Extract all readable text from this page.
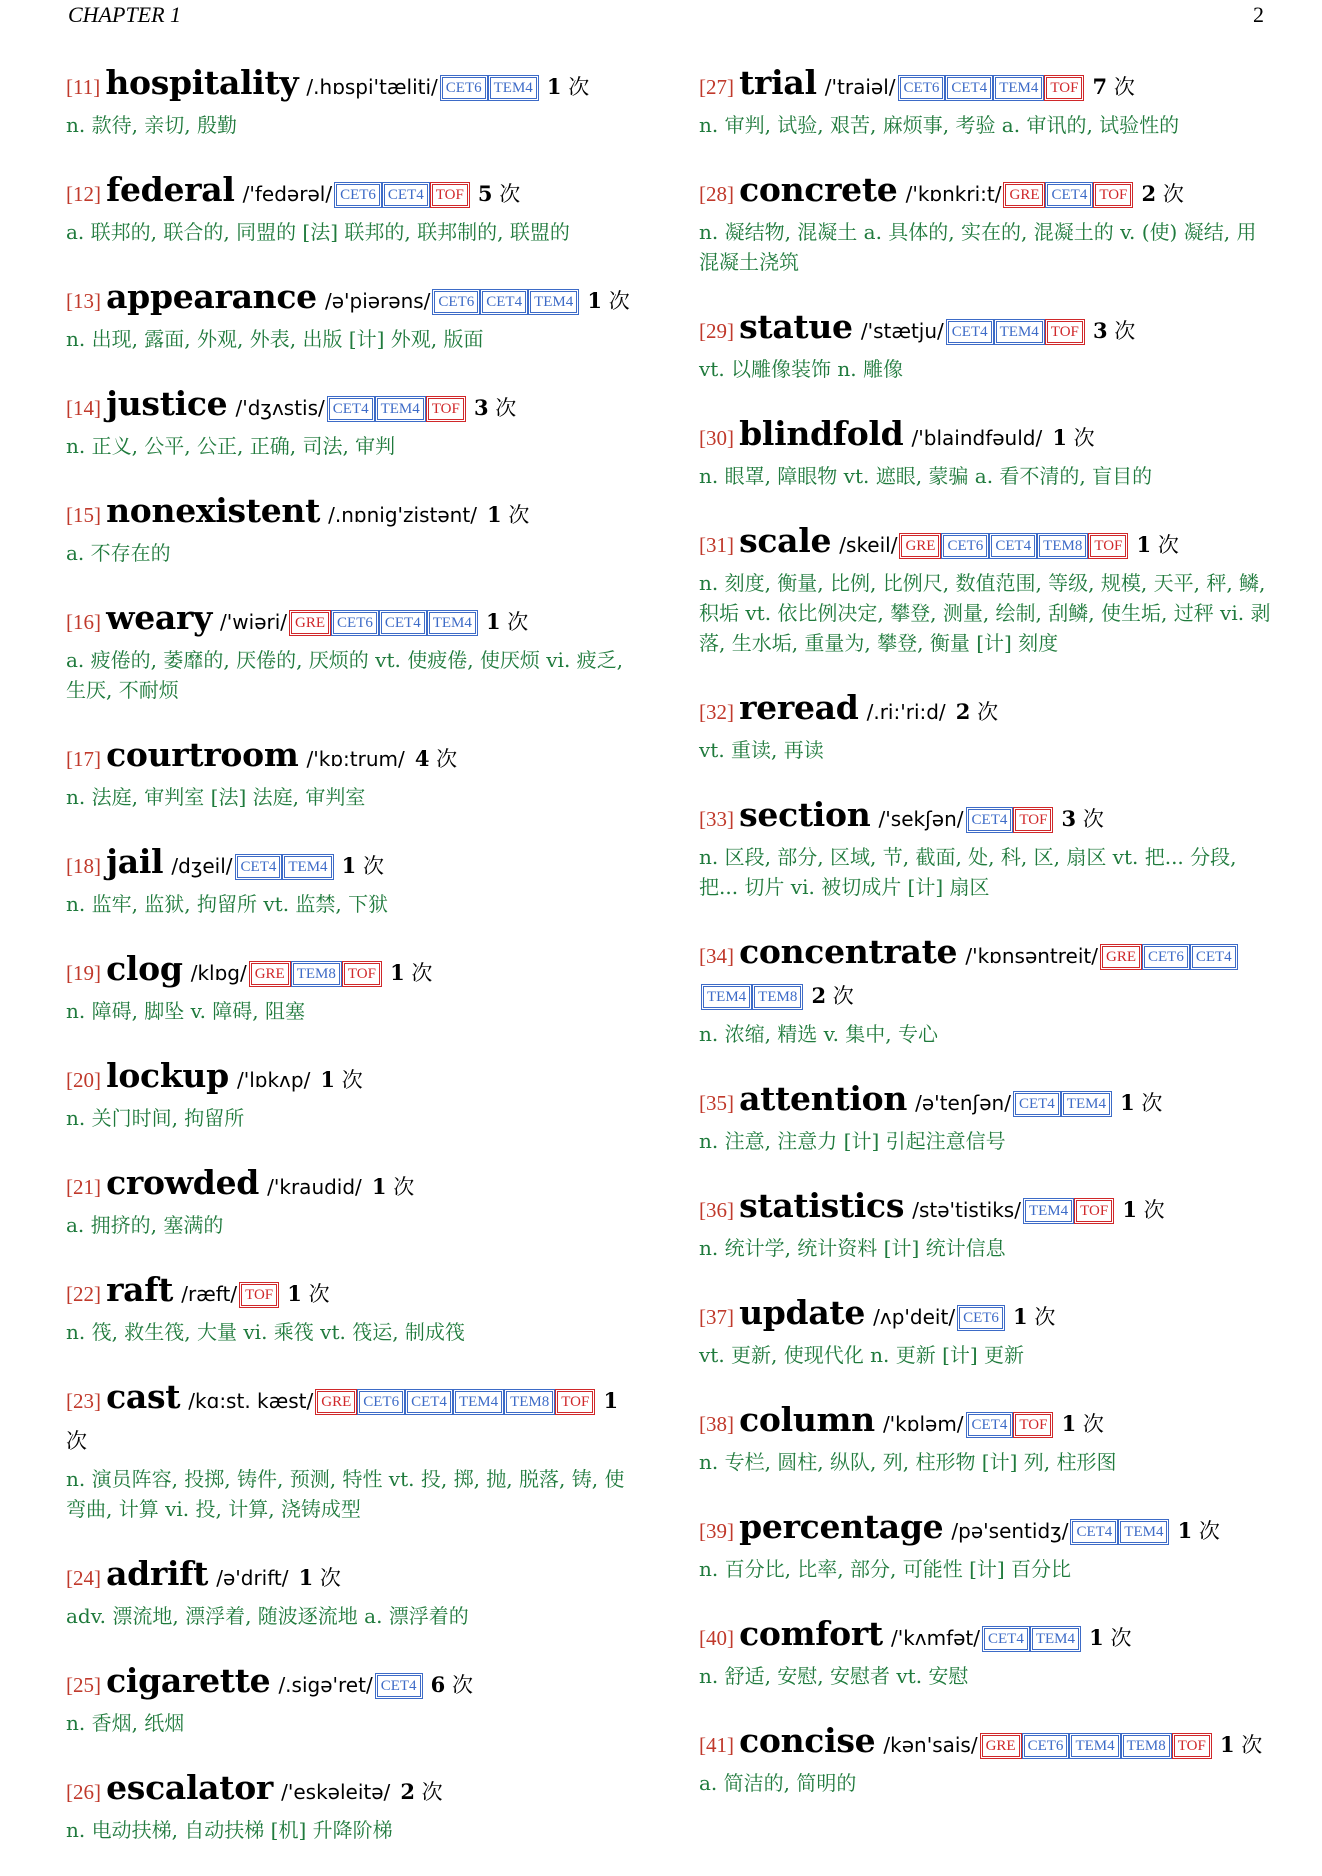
CHAPTER 1	2
[11] hospitality /.hɒspi'tæliti/ CET6 TEM4 1 次
n. 款待, 亲切, 殷勤
[12] federal /'fedərəl/ CET6 CET4 TOF 5 次
a. 联邦的, 联合的, 同盟的 [法] 联邦的, 联邦制的, 联盟的
[13] appearance /ə'piərəns/ CET6 CET4 TEM4 1 次
n. 出现, 露面, 外观, 外表, 出版 [计] 外观, 版面
[14] justice /'dʒʌstis/ CET4 TEM4 TOF 3 次
n. 正义, 公平, 公正, 正确, 司法, 审判
[15] nonexistent /.nɒnig'zistənt/ 1 次
a. 不存在的
[16] weary /'wiəri/ GRE CET6 CET4 TEM4 1 次
a. 疲倦的, 萎靡的, 厌倦的, 厌烦的 vt. 使疲倦, 使厌烦 vi. 疲乏, 生厌, 不耐烦
[17] courtroom /'kɒ:trum/ 4 次
n. 法庭, 审判室 [法] 法庭, 审判室
[18] jail /dʒeil/ CET4 TEM4 1 次
n. 监牢, 监狱, 拘留所 vt. 监禁, 下狱
[19] clog /klɒg/ GRE TEM8 TOF 1 次
n. 障碍, 脚坠 v. 障碍, 阻塞
[20] lockup /'lɒkʌp/ 1 次
n. 关门时间, 拘留所
[21] crowded /'kraudid/ 1 次
a. 拥挤的, 塞满的
[22] raft /ræft/ TOF 1 次
n. 筏, 救生筏, 大量 vi. 乘筏 vt. 筏运, 制成筏
[23] cast /kɑ:st. kæst/ GRE CET6 CET4 TEM4 TEM8 TOF 1 次
n. 演员阵容, 投掷, 铸件, 预测, 特性 vt. 投, 掷, 抛, 脱落, 铸, 使弯曲, 计算 vi. 投, 计算, 浇铸成型
[24] adrift /ə'drift/ 1 次
adv. 漂流地, 漂浮着, 随波逐流地 a. 漂浮着的
[25] cigarette /.sigə'ret/ CET4 6 次
n. 香烟, 纸烟
[26] escalator /'eskəleitə/ 2 次
n. 电动扶梯, 自动扶梯 [机] 升降阶梯
[27] trial /'traiəl/ CET6 CET4 TEM4 TOF 7 次
n. 审判, 试验, 艰苦, 麻烦事, 考验 a. 审讯的, 试验性的
[28] concrete /'kɒnkri:t/ GRE CET4 TOF 2 次
n. 凝结物, 混凝土 a. 具体的, 实在的, 混凝土的 v. (使) 凝结, 用混凝土浇筑
[29] statue /'stætju/ CET4 TEM4 TOF 3 次
vt. 以雕像装饰 n. 雕像
[30] blindfold /'blaindfəuld/ 1 次
n. 眼罩, 障眼物 vt. 遮眼, 蒙骗 a. 看不清的, 盲目的
[31] scale /skeil/ GRE CET6 CET4 TEM8 TOF 1 次
n. 刻度, 衡量, 比例, 比例尺, 数值范围, 等级, 规模, 天平, 秤, 鳞, 积垢 vt. 依比例决定, 攀登, 测量, 绘制, 刮鳞, 使生垢, 过秤 vi. 剥落, 生水垢, 重量为, 攀登, 衡量 [计] 刻度
[32] reread /.ri:'ri:d/ 2 次
vt. 重读, 再读
[33] section /'sekʃən/ CET4 TOF 3 次
n. 区段, 部分, 区域, 节, 截面, 处, 科, 区, 扇区 vt. 把... 分段, 把... 切片 vi. 被切成片 [计] 扇区
[34] concentrate /'kɒnsəntreit/ GRE CET6 CET4TEM4 TEM8 2 次
n. 浓缩, 精选 v. 集中, 专心
[35] attention /ə'tenʃən/ CET4 TEM4 1 次
n. 注意, 注意力 [计] 引起注意信号
[36] statistics /stə'tistiks/ TEM4 TOF 1 次
n. 统计学, 统计资料 [计] 统计信息
[37] update /ʌp'deit/ CET6 1 次
vt. 更新, 使现代化 n. 更新 [计] 更新
[38] column /'kɒləm/ CET4 TOF 1 次
n. 专栏, 圆柱, 纵队, 列, 柱形物 [计] 列, 柱形图
[39] percentage /pə'sentidʒ/ CET4 TEM4 1 次
n. 百分比, 比率, 部分, 可能性 [计] 百分比
[40] comfort /'kʌmfət/ CET4 TEM4 1 次
n. 舒适, 安慰, 安慰者 vt. 安慰
[41] concise /kən'sais/ GRE CET6 TEM4 TEM8 TOF 1 次
a. 简洁的, 简明的
